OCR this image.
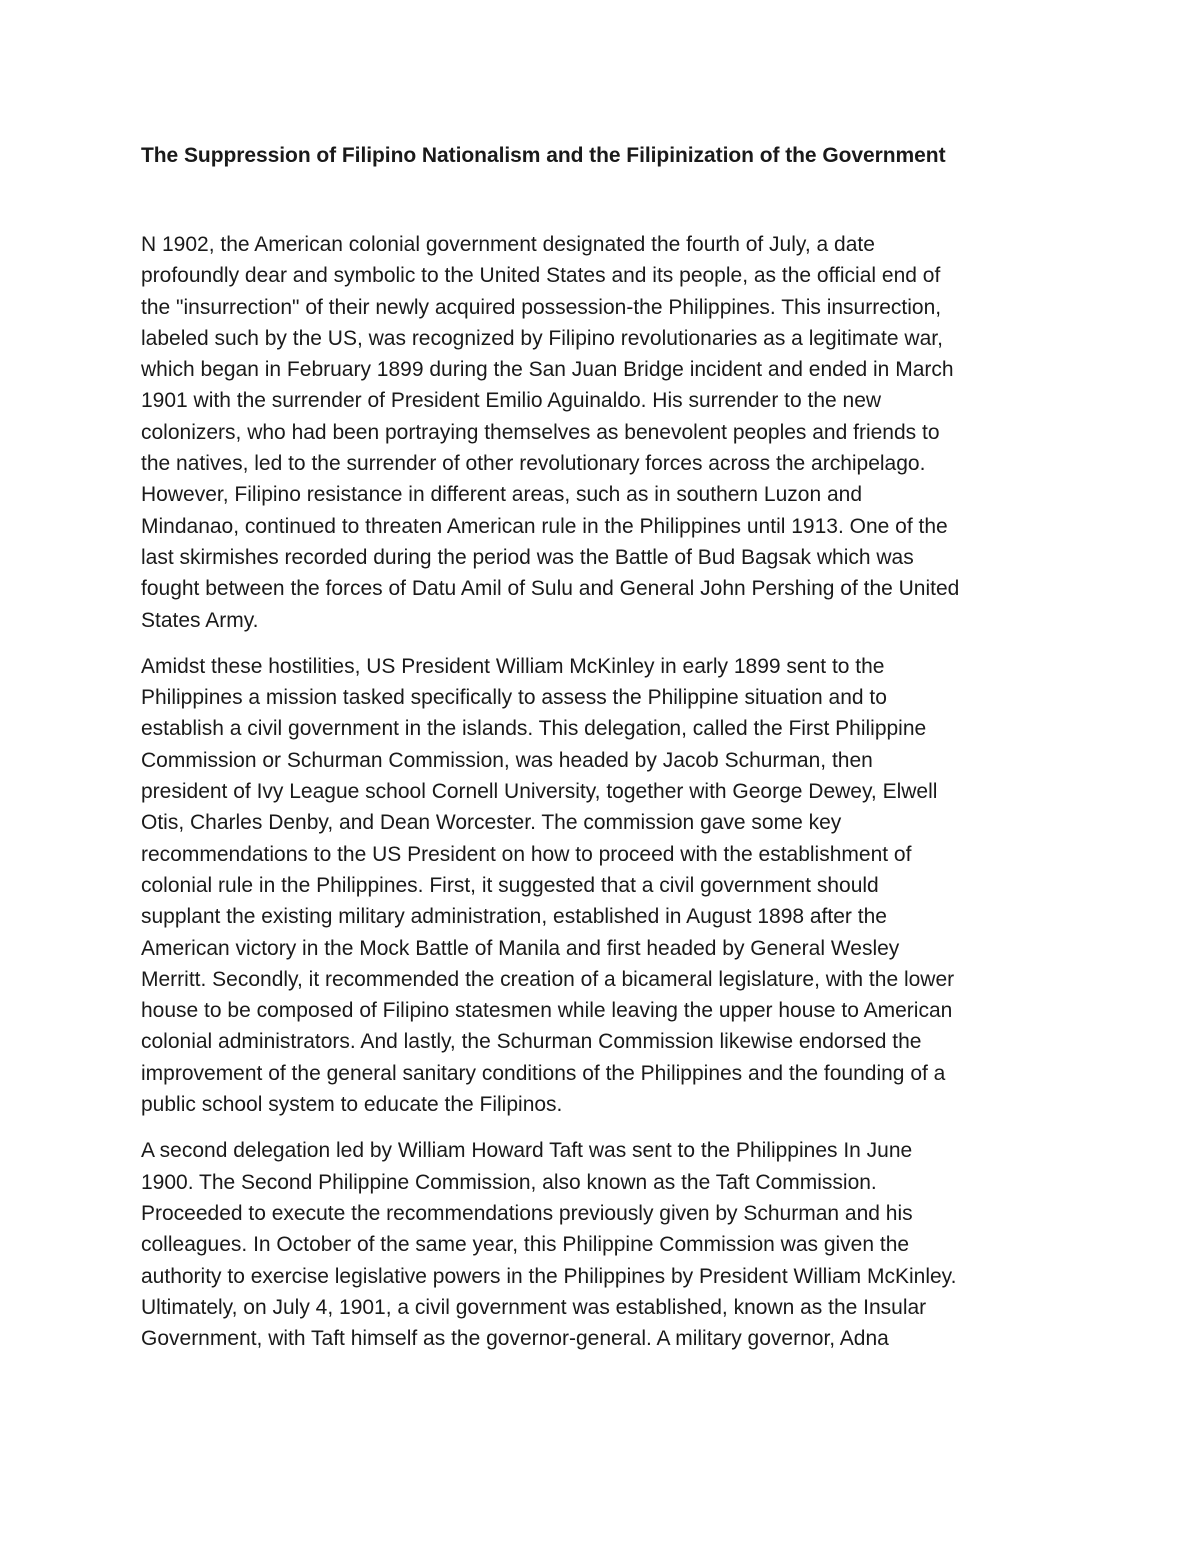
The Suppression of Filipino Nationalism and the Filipinization of the Government

N 1902, the American colonial government designated the fourth of July, a date
profoundly dear and symbolic to the United States and its people, as the official end of
the "insurrection" of their newly acquired possession-the Philippines. This insurrection,
labeled such by the US, was recognized by Filipino revolutionaries as a legitimate war,
which began in February 1899 during the San Juan Bridge incident and ended in March
1901 with the surrender of President Emilio Aguinaldo. His surrender to the new
colonizers, who had been portraying themselves as benevolent peoples and friends to
the natives, led to the surrender of other revolutionary forces across the archipelago.
However, Filipino resistance in different areas, such as in southern Luzon and
Mindanao, continued to threaten American rule in the Philippines until 1913. One of the
last skirmishes recorded during the period was the Battle of Bud Bagsak which was
fought between the forces of Datu Amil of Sulu and General John Pershing of the United
States Army.

Amidst these hostilities, US President William McKinley in early 1899 sent to the
Philippines a mission tasked specifically to assess the Philippine situation and to
establish a civil government in the islands. This delegation, called the First Philippine
Commission or Schurman Commission, was headed by Jacob Schurman, then
president of Ivy League school Cornell University, together with George Dewey, Elwell
Otis, Charles Denby, and Dean Worcester. The commission gave some key
recommendations to the US President on how to proceed with the establishment of
colonial rule in the Philippines. First, it suggested that a civil government should
supplant the existing military administration, established in August 1898 after the
American victory in the Mock Battle of Manila and first headed by General Wesley
Merritt. Secondly, it recommended the creation of a bicameral legislature, with the lower
house to be composed of Filipino statesmen while leaving the upper house to American
colonial administrators. And lastly, the Schurman Commission likewise endorsed the
improvement of the general sanitary conditions of the Philippines and the founding of a
public school system to educate the Filipinos.

A second delegation led by William Howard Taft was sent to the Philippines In June
1900. The Second Philippine Commission, also known as the Taft Commission.
Proceeded to execute the recommendations previously given by Schurman and his
colleagues. In October of the same year, this Philippine Commission was given the
authority to exercise legislative powers in the Philippines by President William McKinley.
Ultimately, on July 4, 1901, a civil government was established, known as the Insular
Government, with Taft himself as the governor-general. A military governor, Adna
